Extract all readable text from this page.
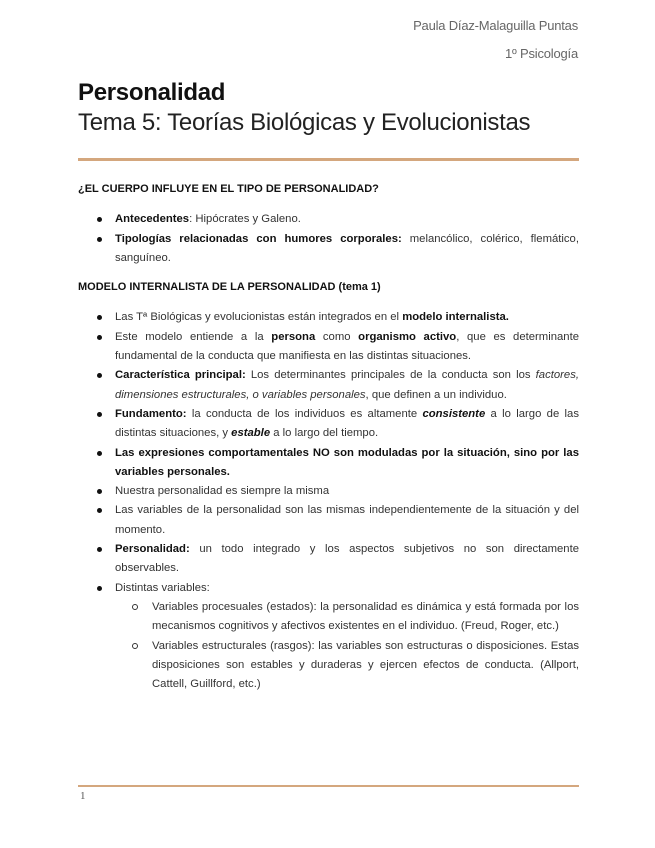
Paula Díaz-Malaguilla Puntas
1º Psicología
Personalidad
Tema 5: Teorías Biológicas y Evolucionistas
¿EL CUERPO INFLUYE EN EL TIPO DE PERSONALIDAD?
Antecedentes: Hipócrates y Galeno.
Tipologías relacionadas con humores corporales: melancólico, colérico, flemático, sanguíneo.
MODELO INTERNALISTA DE LA PERSONALIDAD (tema 1)
Las Tª Biológicas y evolucionistas están integrados en el modelo internalista.
Este modelo entiende a la persona como organismo activo, que es determinante fundamental de la conducta que manifiesta en las distintas situaciones.
Característica principal: Los determinantes principales de la conducta son los factores, dimensiones estructurales, o variables personales, que definen a un individuo.
Fundamento: la conducta de los individuos es altamente consistente a lo largo de las distintas situaciones, y estable a lo largo del tiempo.
Las expresiones comportamentales NO son moduladas por la situación, sino por las variables personales.
Nuestra personalidad es siempre la misma
Las variables de la personalidad son las mismas independientemente de la situación y del momento.
Personalidad: un todo integrado y los aspectos subjetivos no son directamente observables.
Distintas variables:
Variables procesuales (estados): la personalidad es dinámica y está formada por los mecanismos cognitivos y afectivos existentes en el individuo. (Freud, Roger, etc.)
Variables estructurales (rasgos): las variables son estructuras o disposiciones. Estas disposiciones son estables y duraderas y ejercen efectos de conducta. (Allport, Cattell, Guillford, etc.)
1
